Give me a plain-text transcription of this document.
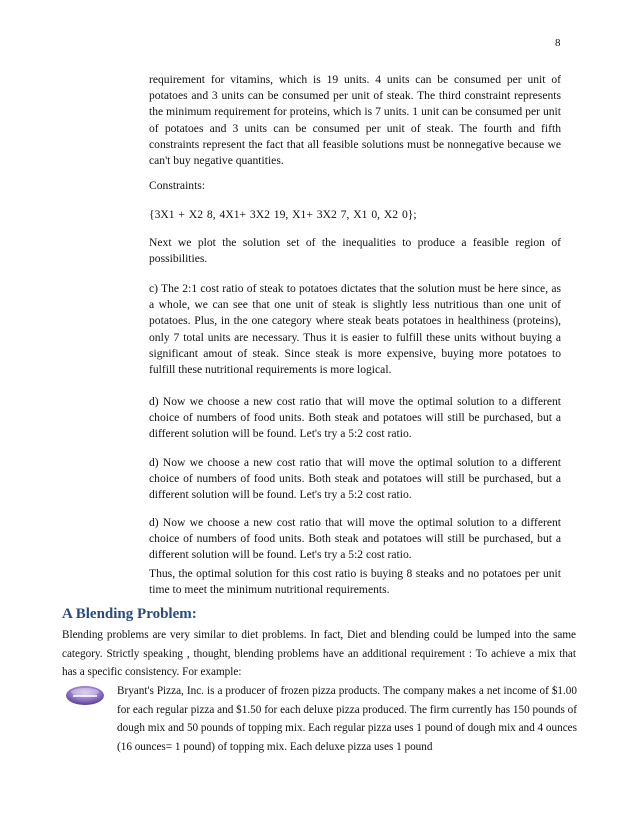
8

requirement for vitamins, which is 19 units. 4 units can be consumed per unit of potatoes and 3 units can be consumed per unit of steak. The third constraint represents the minimum requirement for proteins, which is 7 units. 1 unit can be consumed per unit of potatoes and 3 units can be consumed per unit of steak. The fourth and fifth constraints represent the fact that all feasible solutions must be nonnegative because we can't buy negative quantities.

Constraints:

{3X1 + X2 8, 4X1+ 3X2 19, X1+ 3X2 7, X1 0, X2 0};

Next we plot the solution set of the inequalities to produce a feasible region of possibilities.

c) The 2:1 cost ratio of steak to potatoes dictates that the solution must be here since, as a whole, we can see that one unit of steak is slightly less nutritious than one unit of potatoes. Plus, in the one category where steak beats potatoes in healthiness (proteins), only 7 total units are necessary. Thus it is easier to fulfill these units without buying a significant amout of steak. Since steak is more expensive, buying more potatoes to fulfill these nutritional requirements is more logical.

d) Now we choose a new cost ratio that will move the optimal solution to a different choice of numbers of food units. Both steak and potatoes will still be purchased, but a different solution will be found. Let's try a 5:2 cost ratio.

d) Now we choose a new cost ratio that will move the optimal solution to a different choice of numbers of food units. Both steak and potatoes will still be purchased, but a different solution will be found. Let's try a 5:2 cost ratio.

d) Now we choose a new cost ratio that will move the optimal solution to a different choice of numbers of food units. Both steak and potatoes will still be purchased, but a different solution will be found. Let's try a 5:2 cost ratio.

Thus, the optimal solution for this cost ratio is buying 8 steaks and no potatoes per unit time to meet the minimum nutritional requirements.

A Blending Problem:
Blending problems are very similar to diet problems. In fact, Diet and blending could be lumped into the same category. Strictly speaking , thought, blending problems have an additional requirement : To achieve a mix that has a specific consistency. For example:
Bryant's Pizza, Inc. is a producer of frozen pizza products. The company makes a net income of $1.00 for each regular pizza and $1.50 for each deluxe pizza produced. The firm currently has 150 pounds of dough mix and 50 pounds of topping mix. Each regular pizza uses 1 pound of dough mix and 4 ounces (16 ounces= 1 pound) of topping mix. Each deluxe pizza uses 1 pound
